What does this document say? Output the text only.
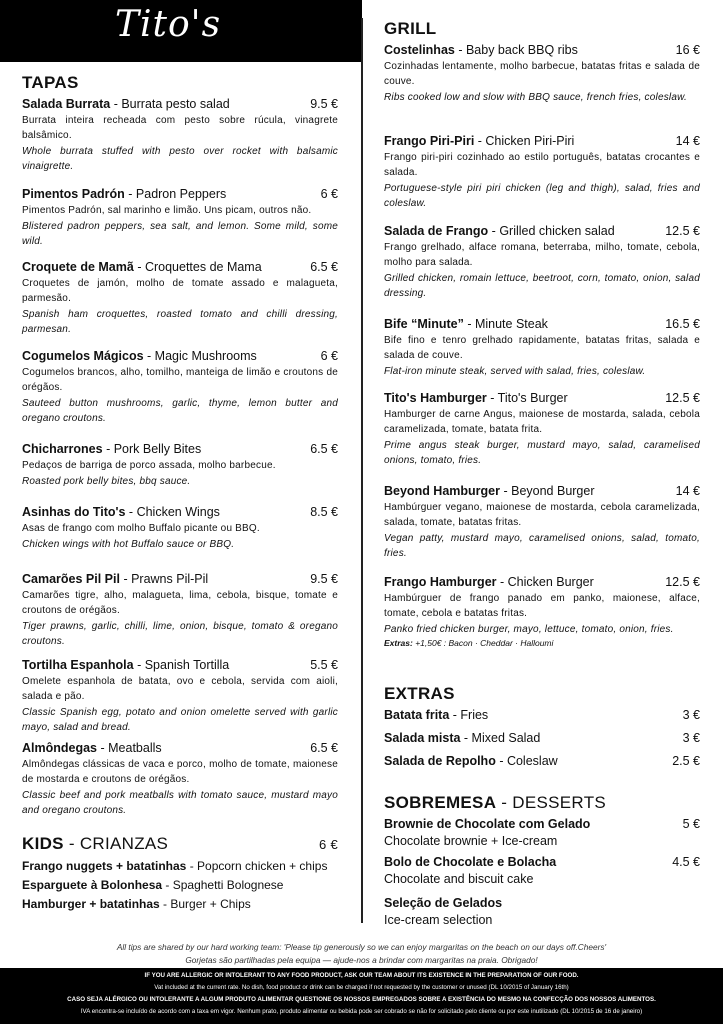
Tito's
TAPAS
Salada Burrata - Burrata pesto salad	9.5 €
Burrata inteira recheada com pesto sobre rúcula, vinagrete balsâmico.
Whole burrata stuffed with pesto over rocket with balsamic vinaigrette.
Pimentos Padrón - Padron Peppers	6 €
Pimentos Padrón, sal marinho e limão. Uns picam, outros não.
Blistered padron peppers, sea salt, and lemon. Some mild, some wild.
Croquete de Mamã - Croquettes de Mama	6.5 €
Croquetes de jamón, molho de tomate assado e malagueta, parmesão.
Spanish ham croquettes, roasted tomato and chilli dressing, parmesan.
Cogumelos Mágicos - Magic Mushrooms	6 €
Cogumelos brancos, alho, tomilho, manteiga de limão e croutons de orégãos.
Sauteed button mushrooms, garlic, thyme, lemon butter and oregano croutons.
Chicharrones - Pork Belly Bites	6.5 €
Pedaços de barriga de porco assada, molho barbecue.
Roasted pork belly bites, bbq sauce.
Asinhas do Tito's - Chicken Wings	8.5 €
Asas de frango com molho Buffalo picante ou BBQ.
Chicken wings with hot Buffalo sauce or BBQ.
Camarões Pil Pil - Prawns Pil-Pil	9.5 €
Camarões tigre, alho, malagueta, lima, cebola, bisque, tomate e croutons de orégãos.
Tiger prawns, garlic, chilli, lime, onion, bisque, tomato & oregano croutons.
Tortilha Espanhola - Spanish Tortilla	5.5 €
Omelete espanhola de batata, ovo e cebola, servida com aioli, salada e pão.
Classic Spanish egg, potato and onion omelette served with garlic mayo, salad and bread.
Almôndegas - Meatballs	6.5 €
Almôndegas clássicas de vaca e porco, molho de tomate, maionese de mostarda e croutons de orégãos.
Classic beef and pork meatballs with tomato sauce, mustard mayo and oregano croutons.
KIDS - CRIANZAS	6 €
Frango nuggets + batatinhas - Popcorn chicken + chips
Esparguete à Bolonhesa - Spaghetti Bolognese
Hamburger + batatinhas - Burger + Chips
GRILL
Costelinhas - Baby back BBQ ribs	16 €
Cozinhadas lentamente, molho barbecue, batatas fritas e salada de couve.
Ribs cooked low and slow with BBQ sauce, french fries, coleslaw.
Frango Piri-Piri - Chicken Piri-Piri	14 €
Frango piri-piri cozinhado ao estilo português, batatas crocantes e salada.
Portuguese-style piri piri chicken (leg and thigh), salad, fries and coleslaw.
Salada de Frango - Grilled chicken salad	12.5 €
Frango grelhado, alface romana, beterraba, milho, tomate, cebola, molho para salada.
Grilled chicken, romain lettuce, beetroot, corn, tomato, onion, salad dressing.
Bife “Minute” - Minute Steak	16.5 €
Bife fino e tenro grelhado rapidamente, batatas fritas, salada e salada de couve.
Flat-iron minute steak, served with salad, fries, coleslaw.
Tito's Hamburger - Tito's Burger	12.5 €
Hamburger de carne Angus, maionese de mostarda, salada, cebola caramelizada, tomate, batata frita.
Prime angus steak burger, mustard mayo, salad, caramelised onions, tomato, fries.
Beyond Hamburger - Beyond Burger	14 €
Hambúrguer vegano, maionese de mostarda, cebola caramelizada, salada, tomate, batatas fritas.
Vegan patty, mustard mayo, caramelised onions, salad, tomato, fries.
Frango Hamburger - Chicken Burger	12.5 €
Hambúrguer de frango panado em panko, maionese, alface, tomate, cebola e batatas fritas.
Panko fried chicken burger, mayo, lettuce, tomato, onion, fries.
Extras: +1,50€ : Bacon · Cheddar · Halloumi
EXTRAS
Batata frita - Fries	3 €
Salada mista - Mixed Salad	3 €
Salada de Repolho - Coleslaw	2.5 €
SOBREMESA - DESSERTS
Brownie de Chocolate com Gelado	5 €
Chocolate brownie + Ice-cream
Bolo de Chocolate e Bolacha	4.5 €
Chocolate and biscuit cake
Seleção de Gelados
Ice-cream selection
All tips are shared by our hard working team: 'Please tip generously so we can enjoy margaritas on the beach on our days off.Cheers'
Gorjetas são partilhadas pela equipa — ajude-nos a brindar com margaritas na praia. Obrigado!
IF YOU ARE ALLERGIC OR INTOLERANT TO ANY FOOD PRODUCT, ASK OUR TEAM ABOUT ITS EXISTENCE IN THE PREPARATION OF OUR FOOD.
Vat included at the current rate. No dish, food product or drink can be charged if not requested by the customer or unused (DL 10/2015 of January 16th)
CASO SEJA ALÉRGICO OU INTOLERANTE A ALGUM PRODUTO ALIMENTAR QUESTIONE OS NOSSOS EMPREGADOS SOBRE A EXISTÊNCIA DO MESMO NA CONFECÇÃO DOS NOSSOS ALIMENTOS.
IVA encontra-se incluído de acordo com a taxa em vigor. Nenhum prato, produto alimentar ou bebida pode ser cobrado se não for solicitado pelo cliente ou por este inutilizado (DL 10/2015 de 16 de janeiro)
